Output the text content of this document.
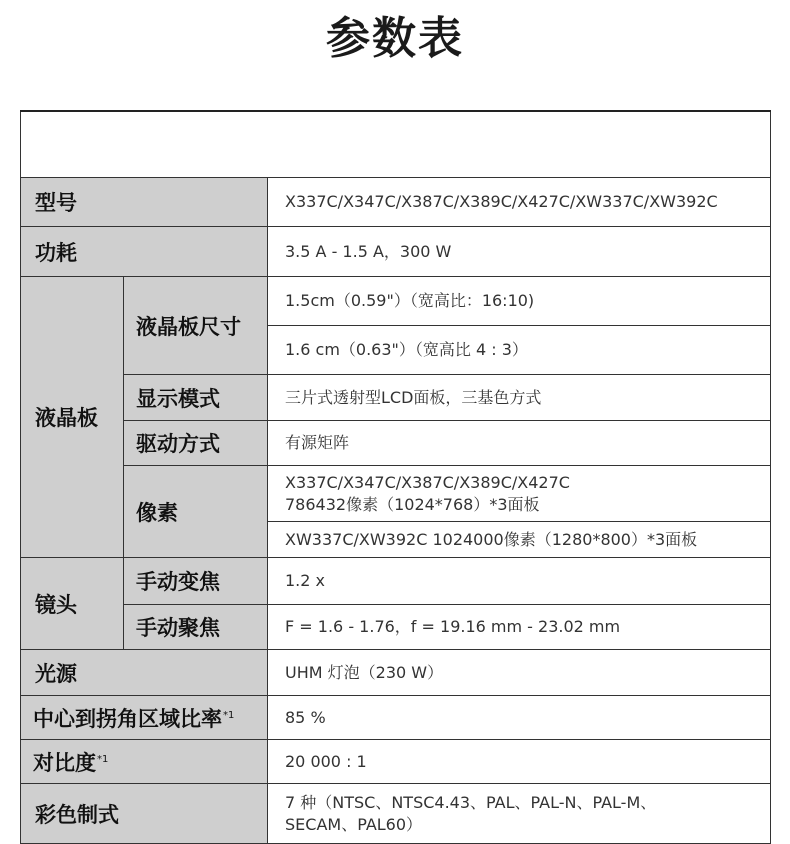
参数表

型号		X337C/X347C/X387C/X389C/X427C/XW337C/XW392C
功耗		3.5 A - 1.5 A，300 W
液晶板	液晶板尺寸	1.5cm（0.59"）（宽高比：16:10)
		1.6 cm（0.63"）（宽高比 4 : 3）
	显示模式	三片式透射型LCD面板，三基色方式
	驱动方式	有源矩阵
	像素	X337C/X347C/X387C/X389C/X427C
786432像素（1024*768）*3面板

		XW337C/XW392C 1024000像素（1280*800）*3面板
镜头	手动变焦	1.2 x
	手动聚焦	F = 1.6 - 1.76，f = 19.16 mm - 23.02 mm
光源		UHM 灯泡（230 W）
中心到拐角区域比率$^{*1}$		85 %
对比度$^{*1}$		20 000 : 1
彩色制式		7 种（NTSC、NTSC4.43、PAL、PAL-N、PAL-M、
SECAM、PAL60）
